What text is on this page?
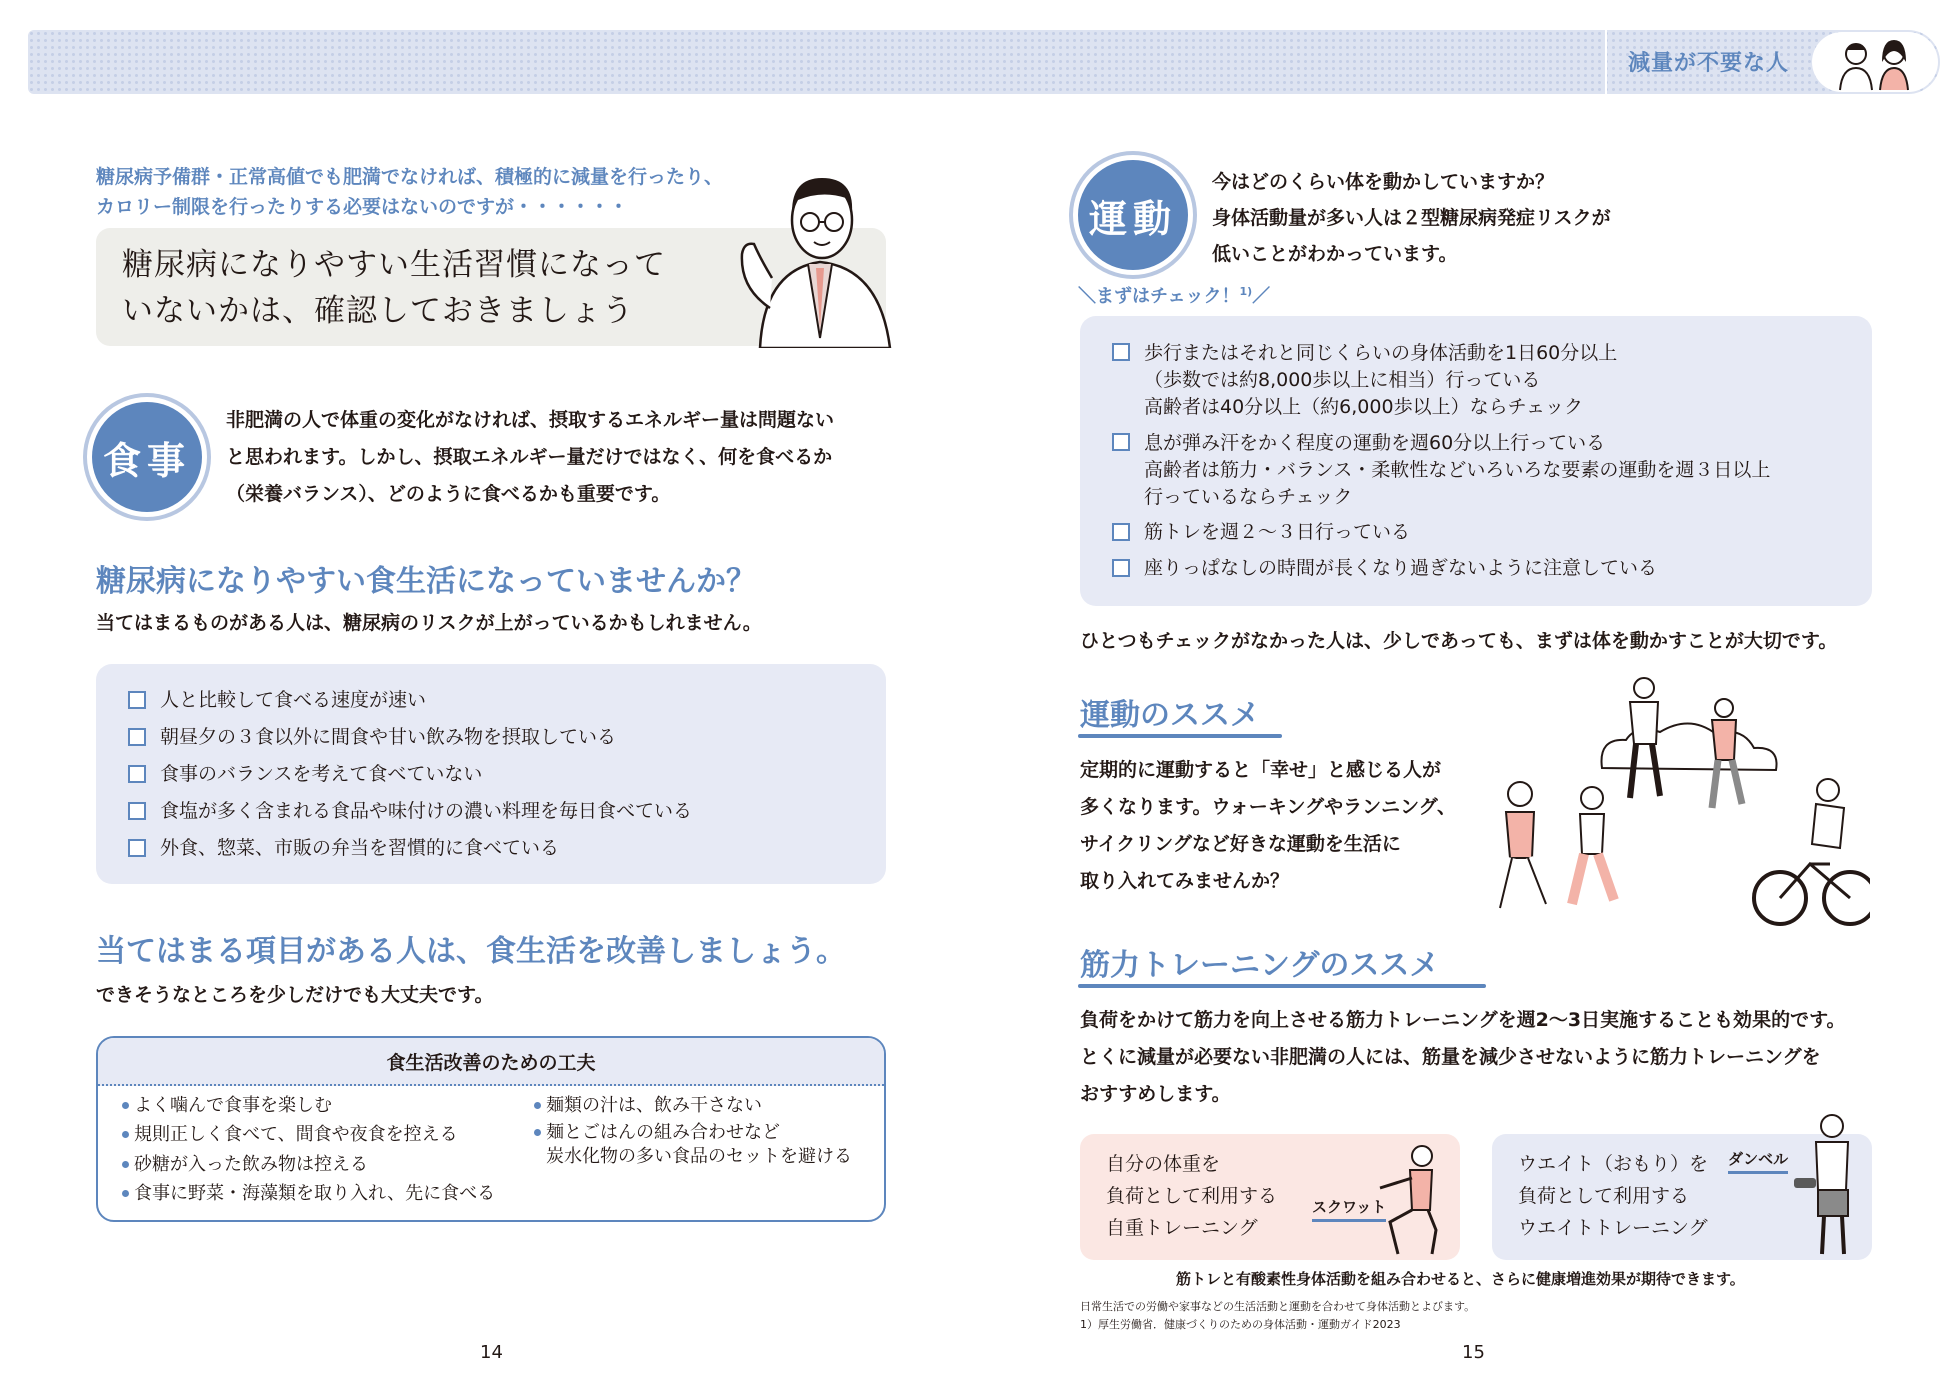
減量が不要な人
糖尿病予備群・正常高値でも肥満でなければ、積極的に減量を行ったり、
カロリー制限を行ったりする必要はないのですが・・・・・・
糖尿病になりやすい生活習慣になって
いないかは、確認しておきましょう
食事
非肥満の人で体重の変化がなければ、摂取するエネルギー量は問題ない
と思われます。しかし、摂取エネルギー量だけではなく、何を食べるか
（栄養バランス）、どのように食べるかも重要です。
糖尿病になりやすい食生活になっていませんか？
当てはまるものがある人は、糖尿病のリスクが上がっているかもしれません。
人と比較して食べる速度が速い
朝昼夕の３食以外に間食や甘い飲み物を摂取している
食事のバランスを考えて食べていない
食塩が多く含まれる食品や味付けの濃い料理を毎日食べている
外食、惣菜、市販の弁当を習慣的に食べている
当てはまる項目がある人は、食生活を改善しましょう。
できそうなところを少しだけでも大丈夫です。
食生活改善のための工夫
よく噛んで食事を楽しむ
規則正しく食べて、間食や夜食を控える
砂糖が入った飲み物は控える
食事に野菜・海藻類を取り入れ、先に食べる
麺類の汁は、飲み干さない
麺とごはんの組み合わせなど
炭水化物の多い食品のセットを避ける
14
運動
今はどのくらい体を動かしていますか？
身体活動量が多い人は２型糖尿病発症リスクが
低いことがわかっています。
＼まずはチェック！$^{1)}$／
歩行またはそれと同じくらいの身体活動を1日60分以上
（歩数では約8,000歩以上に相当）行っている
高齢者は40分以上（約6,000歩以上）ならチェック
息が弾み汗をかく程度の運動を週60分以上行っている
高齢者は筋力・バランス・柔軟性などいろいろな要素の運動を週３日以上
行っているならチェック
筋トレを週２〜３日行っている
座りっぱなしの時間が長くなり過ぎないように注意している
ひとつもチェックがなかった人は、少しであっても、まずは体を動かすことが大切です。
運動のススメ
定期的に運動すると「幸せ」と感じる人が
多くなります。ウォーキングやランニング、
サイクリングなど好きな運動を生活に
取り入れてみませんか？
筋力トレーニングのススメ
負荷をかけて筋力を向上させる筋力トレーニングを週2〜3日実施することも効果的です。
とくに減量が必要ない非肥満の人には、筋量を減少させないように筋力トレーニングを
おすすめします。
自分の体重を
負荷として利用する
自重トレーニング
スクワット
ウエイト（おもり）を
負荷として利用する
ウエイトトレーニング
ダンベル
筋トレと有酸素性身体活動を組み合わせると、さらに健康増進効果が期待できます。
日常生活での労働や家事などの生活活動と運動を合わせて身体活動とよびます。
1）厚生労働省．健康づくりのための身体活動・運動ガイド2023
15
